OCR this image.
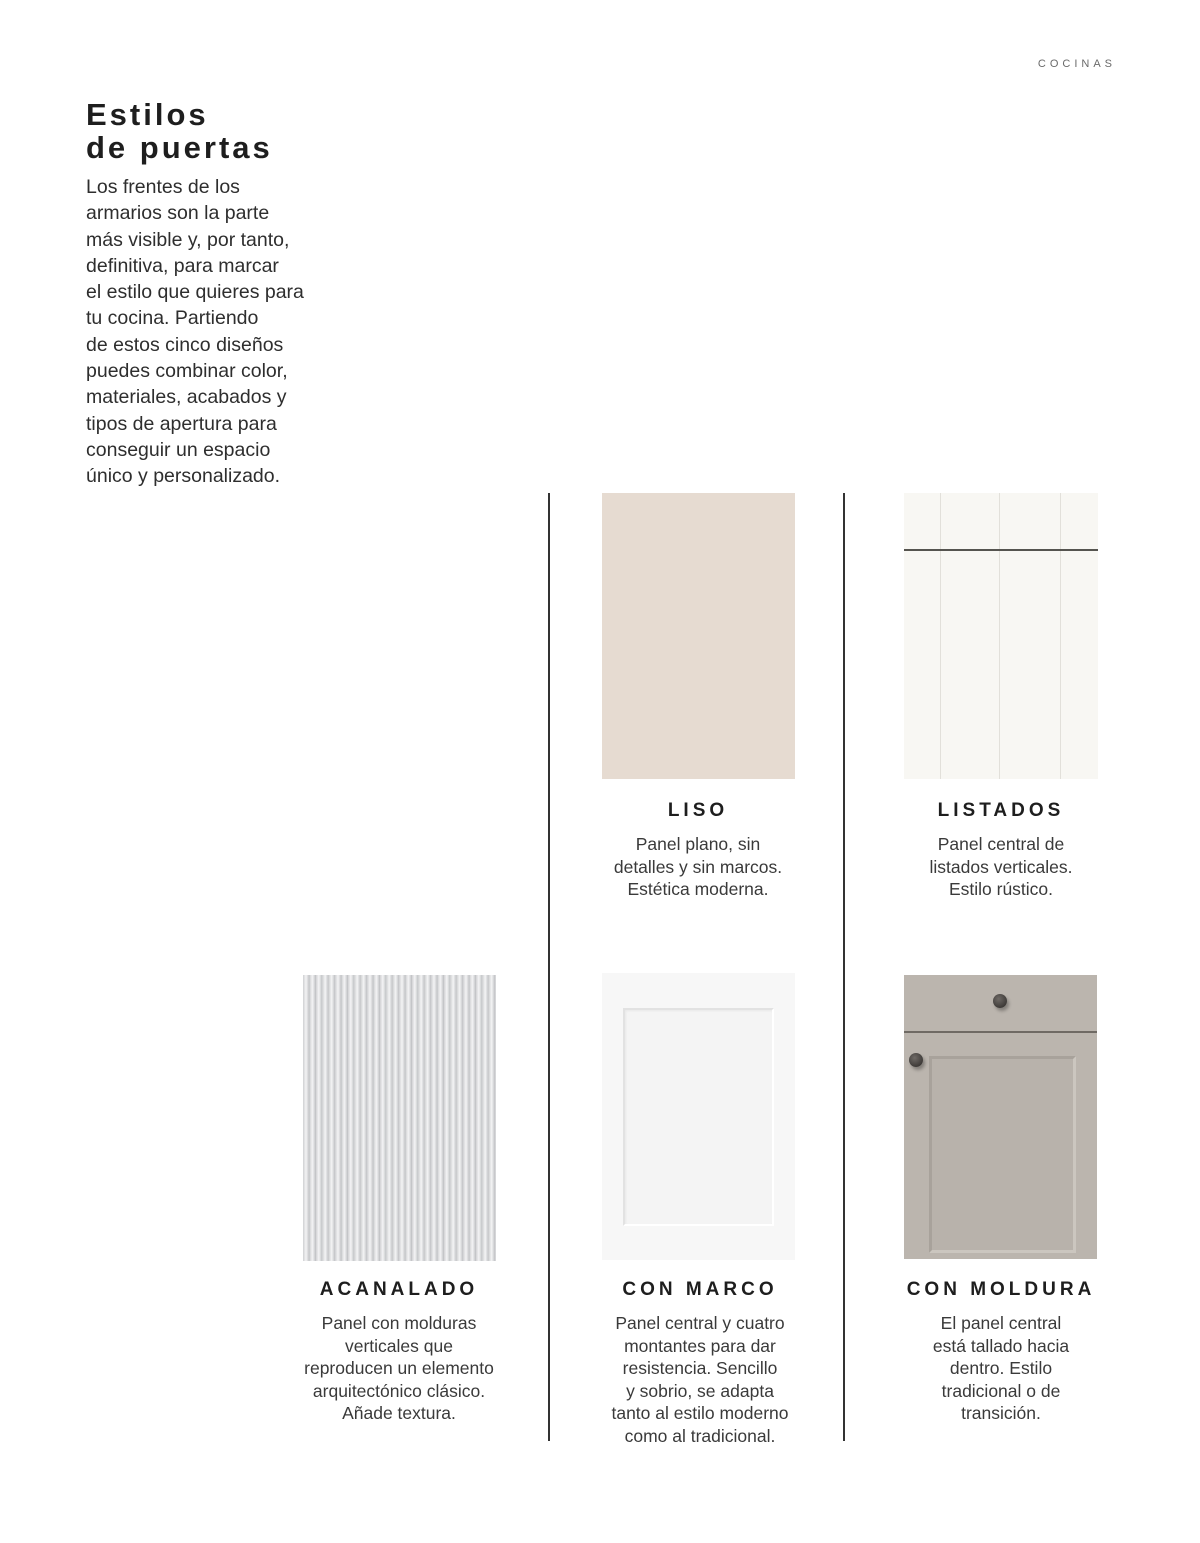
COCINAS
Estilos
de puertas

Los frentes de los
armarios son la parte
más visible y, por tanto,
definitiva, para marcar
el estilo que quieres para
tu cocina. Partiendo
de estos cinco diseños
puedes combinar color,
materiales, acabados y
tipos de apertura para
conseguir un espacio
único y personalizado.

LISO

Panel plano, sin
detalles y sin marcos.
Estética moderna.

LISTADOS

Panel central de
listados verticales.
Estilo rústico.

ACANALADO

Panel con molduras
verticales que
reproducen un elemento
arquitectónico clásico.
Añade textura.

CON MARCO

Panel central y cuatro
montantes para dar
resistencia. Sencillo
y sobrio, se adapta
tanto al estilo moderno
como al tradicional.

CON MOLDURA

El panel central
está tallado hacia
dentro. Estilo
tradicional o de
transición.
